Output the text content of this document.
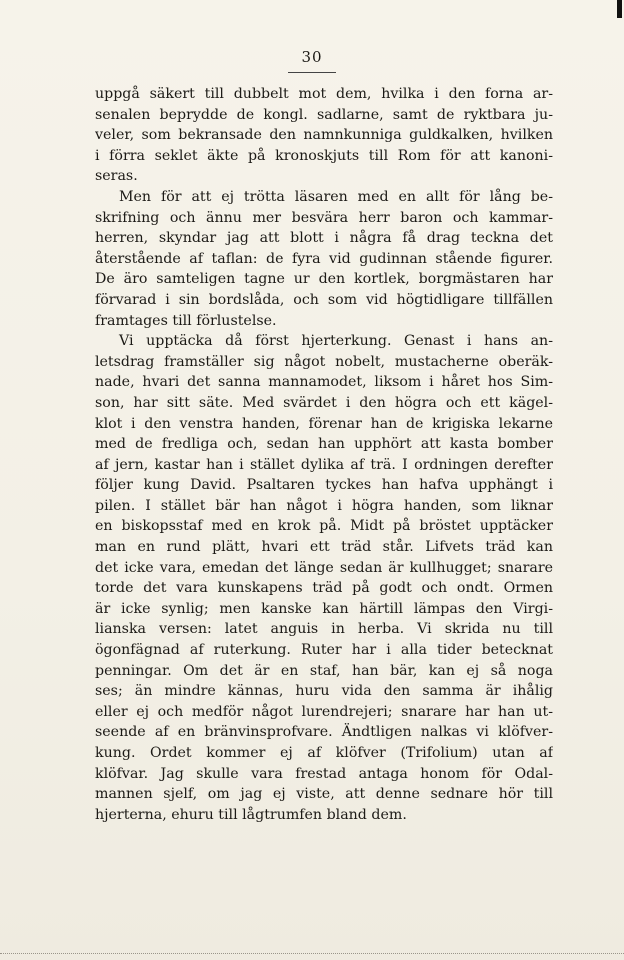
30
uppgå säkert till dubbelt mot dem, hvilka i den forna ar-
senalen beprydde de kongl. sadlarne, samt de ryktbara ju-
veler, som bekransade den namnkunniga guldkalken, hvilken
i förra seklet äkte på kronoskjuts till Rom för att kanoni-
seras.
Men för att ej trötta läsaren med en allt för lång be-
skrifning och ännu mer besvära herr baron och kammar-
herren, skyndar jag att blott i några få drag teckna det
återstående af taflan: de fyra vid gudinnan stående figurer.
De äro samteligen tagne ur den kortlek, borgmästaren har
förvarad i sin bordslåda, och som vid högtidligare tillfällen
framtages till förlustelse.
Vi upptäcka då först hjerterkung. Genast i hans an-
letsdrag framställer sig något nobelt, mustacherne oberäk-
nade, hvari det sanna mannamodet, liksom i håret hos Sim-
son, har sitt säte. Med svärdet i den högra och ett kägel-
klot i den venstra handen, förenar han de krigiska lekarne
med de fredliga och, sedan han upphört att kasta bomber
af jern, kastar han i stället dylika af trä. I ordningen derefter
följer kung David. Psaltaren tyckes han hafva upphängt i
pilen. I stället bär han något i högra handen, som liknar
en biskopsstaf med en krok på. Midt på bröstet upptäcker
man en rund plätt, hvari ett träd står. Lifvets träd kan
det icke vara, emedan det länge sedan är kullhugget; snarare
torde det vara kunskapens träd på godt och ondt. Ormen
är icke synlig; men kanske kan härtill lämpas den Virgi-
lianska versen: latet anguis in herba. Vi skrida nu till
ögonfägnad af ruterkung. Ruter har i alla tider betecknat
penningar. Om det är en staf, han bär, kan ej så noga
ses; än mindre kännas, huru vida den samma är ihålig
eller ej och medför något lurendrejeri; snarare har han ut-
seende af en bränvinsprofvare. Ändtligen nalkas vi klöfver-
kung. Ordet kommer ej af klöfver (Trifolium) utan af
klöfvar. Jag skulle vara frestad antaga honom för Odal-
mannen sjelf, om jag ej viste, att denne sednare hör till
hjerterna, ehuru till lågtrumfen bland dem.
